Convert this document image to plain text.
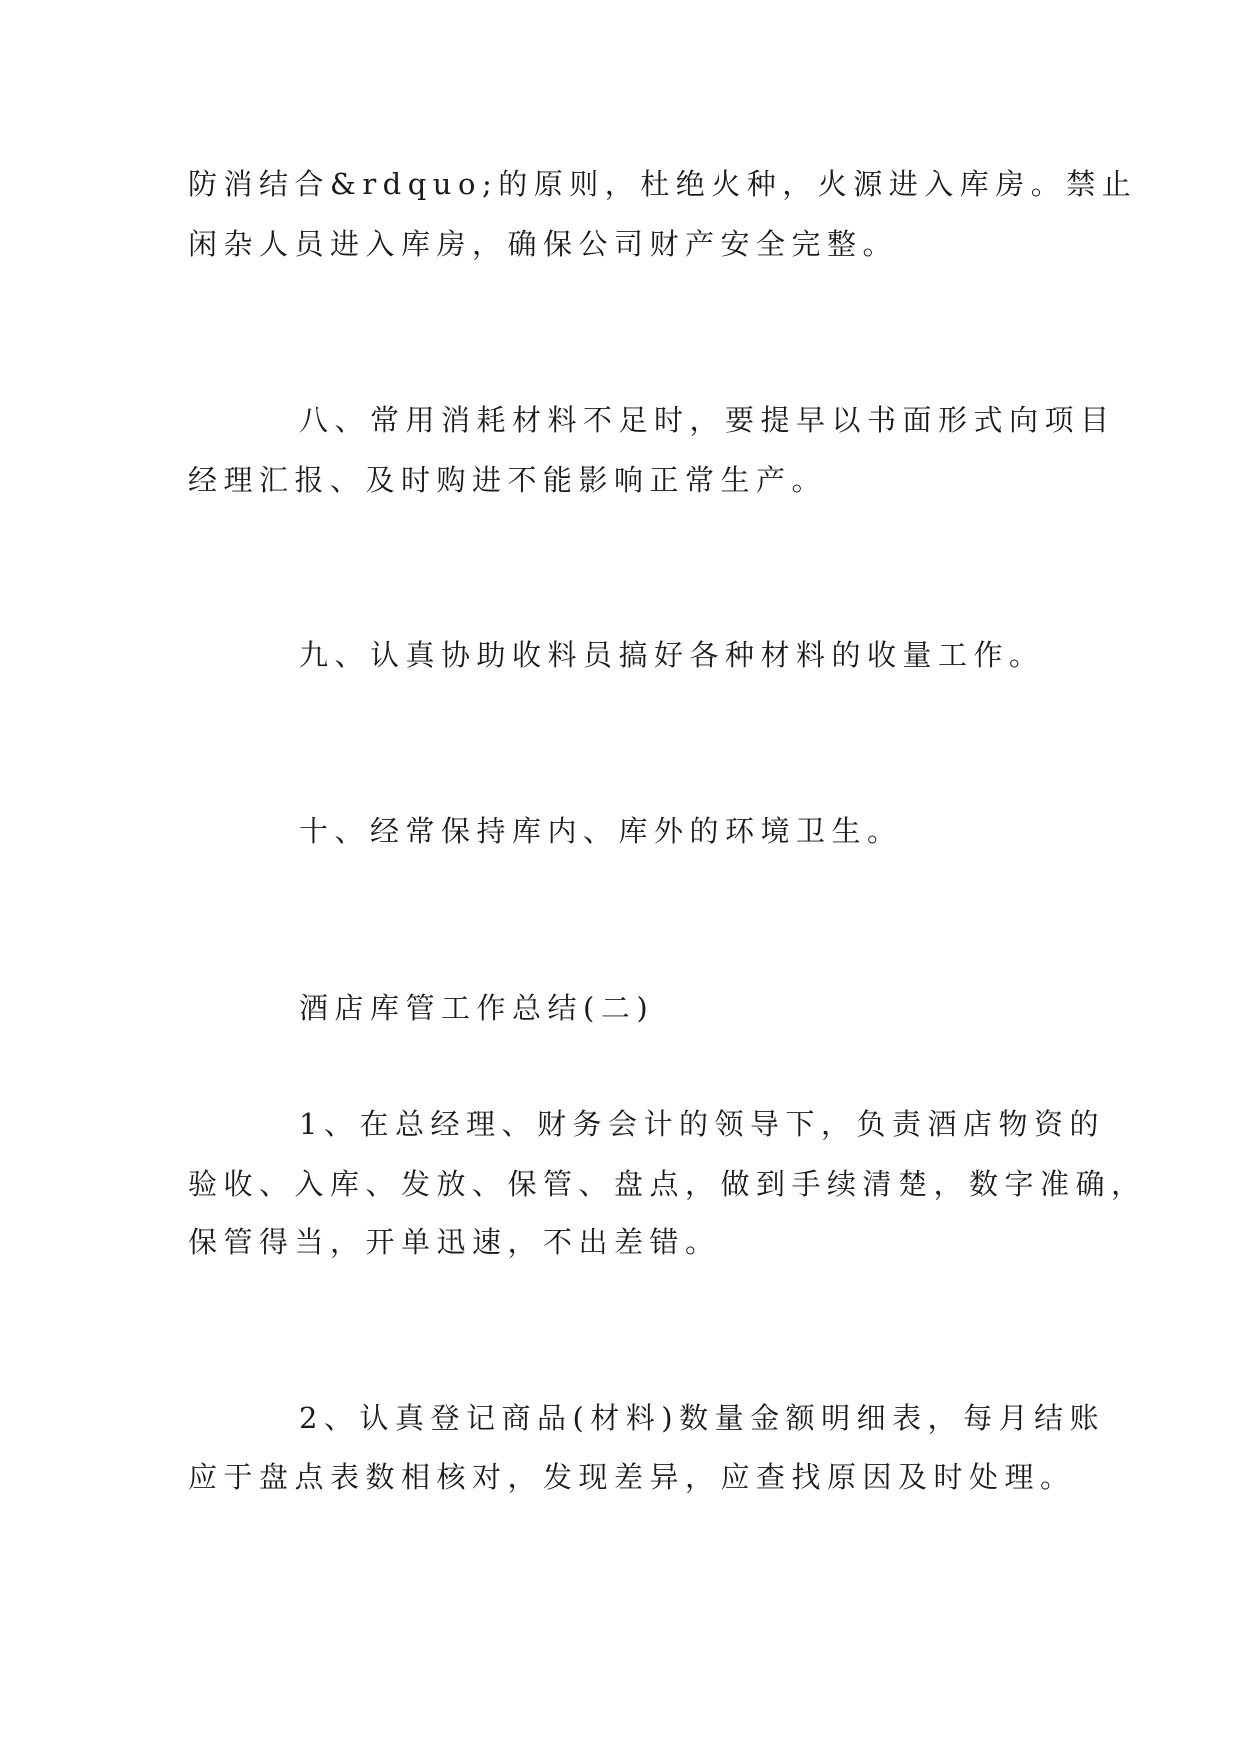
防消结合&rdquo;的原则，杜绝火种，火源进入库房。禁止
闲杂人员进入库房，确保公司财产安全完整。
八、常用消耗材料不足时，要提早以书面形式向项目
经理汇报、及时购进不能影响正常生产。
九、认真协助收料员搞好各种材料的收量工作。
十、经常保持库内、库外的环境卫生。
酒店库管工作总结(二)
1、在总经理、财务会计的领导下，负责酒店物资的
验收、入库、发放、保管、盘点，做到手续清楚，数字准确，
保管得当，开单迅速，不出差错。
2、认真登记商品(材料)数量金额明细表，每月结账
应于盘点表数相核对，发现差异，应查找原因及时处理。
